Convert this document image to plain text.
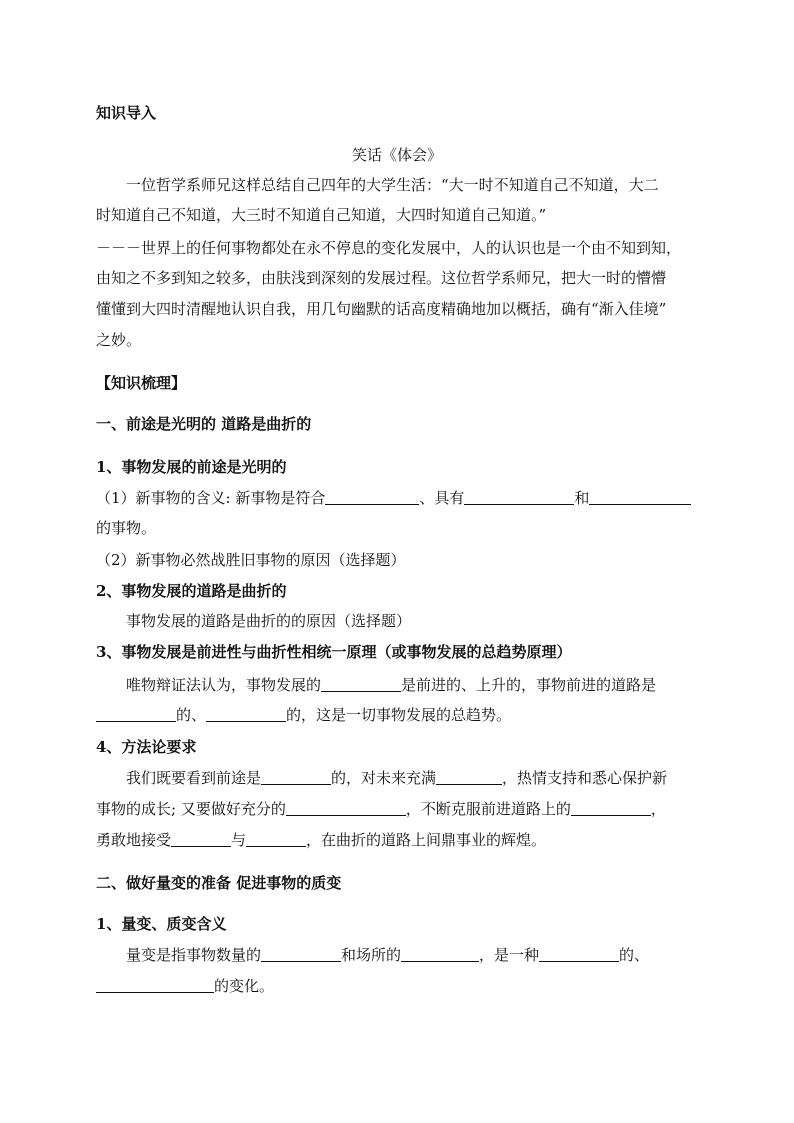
知识导入
笑话《体会》
一位哲学系师兄这样总结自己四年的大学生活：“大一时不知道自己不知道，大二
时知道自己不知道，大三时不知道自己知道，大四时知道自己知道。”
－－－世界上的任何事物都处在永不停息的变化发展中，人的认识也是一个由不知到知，
由知之不多到知之较多，由肤浅到深刻的发展过程。这位哲学系师兄，把大一时的懵懵
懂懂到大四时清醒地认识自我，用几句幽默的话高度精确地加以概括，确有“渐入佳境”
之妙。
【知识梳理】
一、前途是光明的 道路是曲折的
1、事物发展的前途是光明的
（1）新事物的含义: 新事物是符合	、具有	和
的事物。
（2）新事物必然战胜旧事物的原因（选择题）
2、事物发展的道路是曲折的
事物发展的道路是曲折的的原因（选择题）
3、事物发展是前进性与曲折性相统一原理（或事物发展的总趋势原理）
唯物辩证法认为，事物发展的	是前进的、上升的，事物前进的道路是
的、	的，这是一切事物发展的总趋势。
4、方法论要求
我们既要看到前途是	的，对未来充满	，热情支持和悉心保护新
事物的成长; 又要做好充分的	，不断克服前进道路上的	，
勇敢地接受	与	，在曲折的道路上间鼎事业的辉煌。
二、做好量变的准备 促进事物的质变
1、量变、质变含义
量变是指事物数量的	和场所的	，是一种	的、
的变化。
